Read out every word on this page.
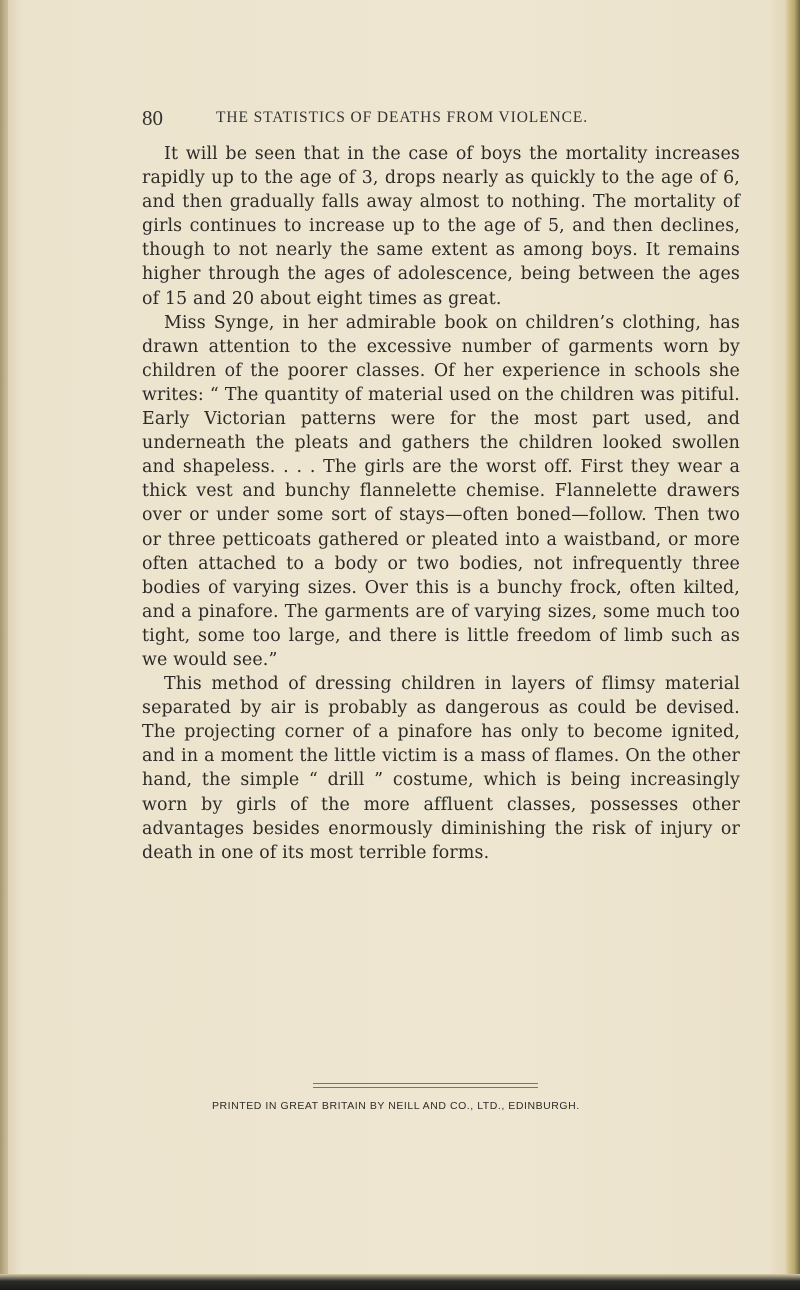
80	THE STATISTICS OF DEATHS FROM VIOLENCE.

It will be seen that in the case of boys the mortality increases rapidly up to the age of 3, drops nearly as quickly to the age of 6, and then gradually falls away almost to nothing. The mortality of girls continues to increase up to the age of 5, and then declines, though to not nearly the same extent as among boys. It remains higher through the ages of adolescence, being between the ages of 15 and 20 about eight times as great.

Miss Synge, in her admirable book on children’s clothing, has drawn attention to the excessive number of garments worn by children of the poorer classes. Of her experience in schools she writes: “ The quantity of material used on the children was pitiful. Early Victorian patterns were for the most part used, and underneath the pleats and gathers the children looked swollen and shapeless. . . . The girls are the worst off. First they wear a thick vest and bunchy flannelette chemise. Flannelette drawers over or under some sort of stays—often boned—follow. Then two or three petticoats gathered or pleated into a waistband, or more often attached to a body or two bodies, not infrequently three bodies of varying sizes. Over this is a bunchy frock, often kilted, and a pinafore. The garments are of varying sizes, some much too tight, some too large, and there is little freedom of limb such as we would see.”

This method of dressing children in layers of flimsy material separated by air is probably as dangerous as could be devised. The projecting corner of a pinafore has only to become ignited, and in a moment the little victim is a mass of flames. On the other hand, the simple “ drill ” costume, which is being increasingly worn by girls of the more affluent classes, possesses other advantages besides enormously diminishing the risk of injury or death in one of its most terrible forms.

PRINTED IN GREAT BRITAIN BY NEILL AND CO., LTD., EDINBURGH.
